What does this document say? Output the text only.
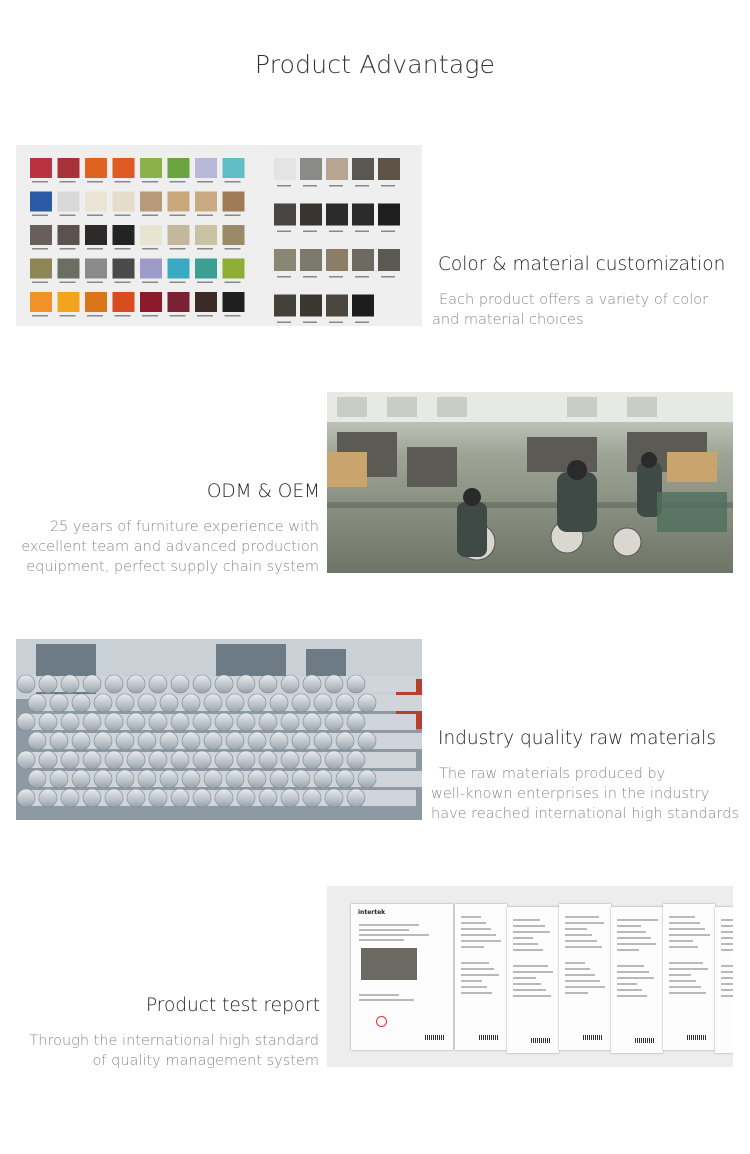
Product Advantage
Color & material customization
Each product offers a variety of color
and material choices
ODM & OEM
25 years of furniture experience with
excellent team and advanced production
equipment, perfect supply chain system
Industry quality raw materials
The raw materials produced by
well-known enterprises in the industry
have reached international high standards
Product test report
Through the international high standard
of quality management system
intertek
